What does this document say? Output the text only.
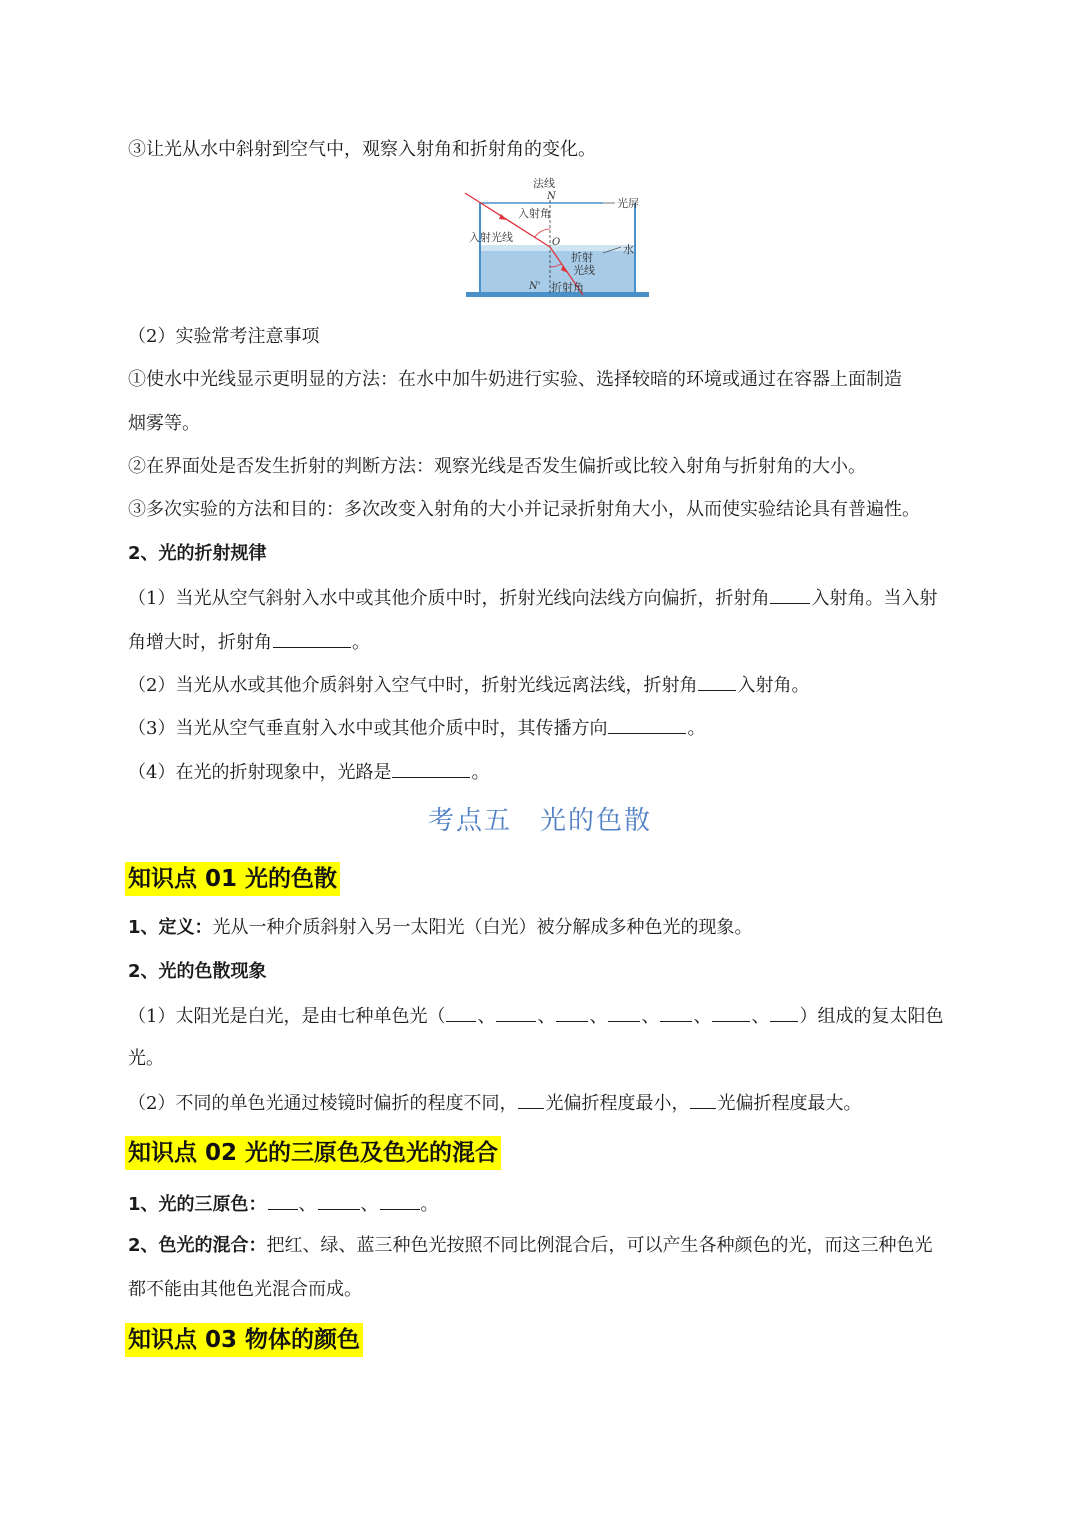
③让光从水中斜射到空气中，观察入射角和折射角的变化。
法线
N
入射角
光屏
入射光线	O
水
折射
光线
N' 折射角
（2）实验常考注意事项
①使水中光线显示更明显的方法：在水中加牛奶进行实验、选择较暗的环境或通过在容器上面制造
烟雾等。
②在界面处是否发生折射的判断方法：观察光线是否发生偏折或比较入射角与折射角的大小。
③多次实验的方法和目的：多次改变入射角的大小并记录折射角大小，从而使实验结论具有普遍性。
2、光的折射规律
（1）当光从空气斜射入水中或其他介质中时，折射光线向法线方向偏折，折射角 入射角。当入射
角增大时，折射角	。
（2）当光从水或其他介质斜射入空气中时，折射光线远离法线，折射角 入射角。
（3）当光从空气垂直射入水中或其他介质中时，其传播方向	。
（4）在光的折射现象中，光路是	。
考点五　光的色散
知识点 01 光的色散
1、定义：光从一种介质斜射入另一太阳光（白光）被分解成多种色光的现象。
2、光的色散现象
（1）太阳光是白光，是由七种单色光（ 、 、 、 、 、 、 ）组成的复太阳色
光。
（2）不同的单色光通过棱镜时偏折的程度不同， 光偏折程度最小， 光偏折程度最大。
知识点 02 光的三原色及色光的混合
1、光的三原色： 、 、 。
2、色光的混合：把红、绿、蓝三种色光按照不同比例混合后，可以产生各种颜色的光，而这三种色光
都不能由其他色光混合而成。
知识点 03 物体的颜色
